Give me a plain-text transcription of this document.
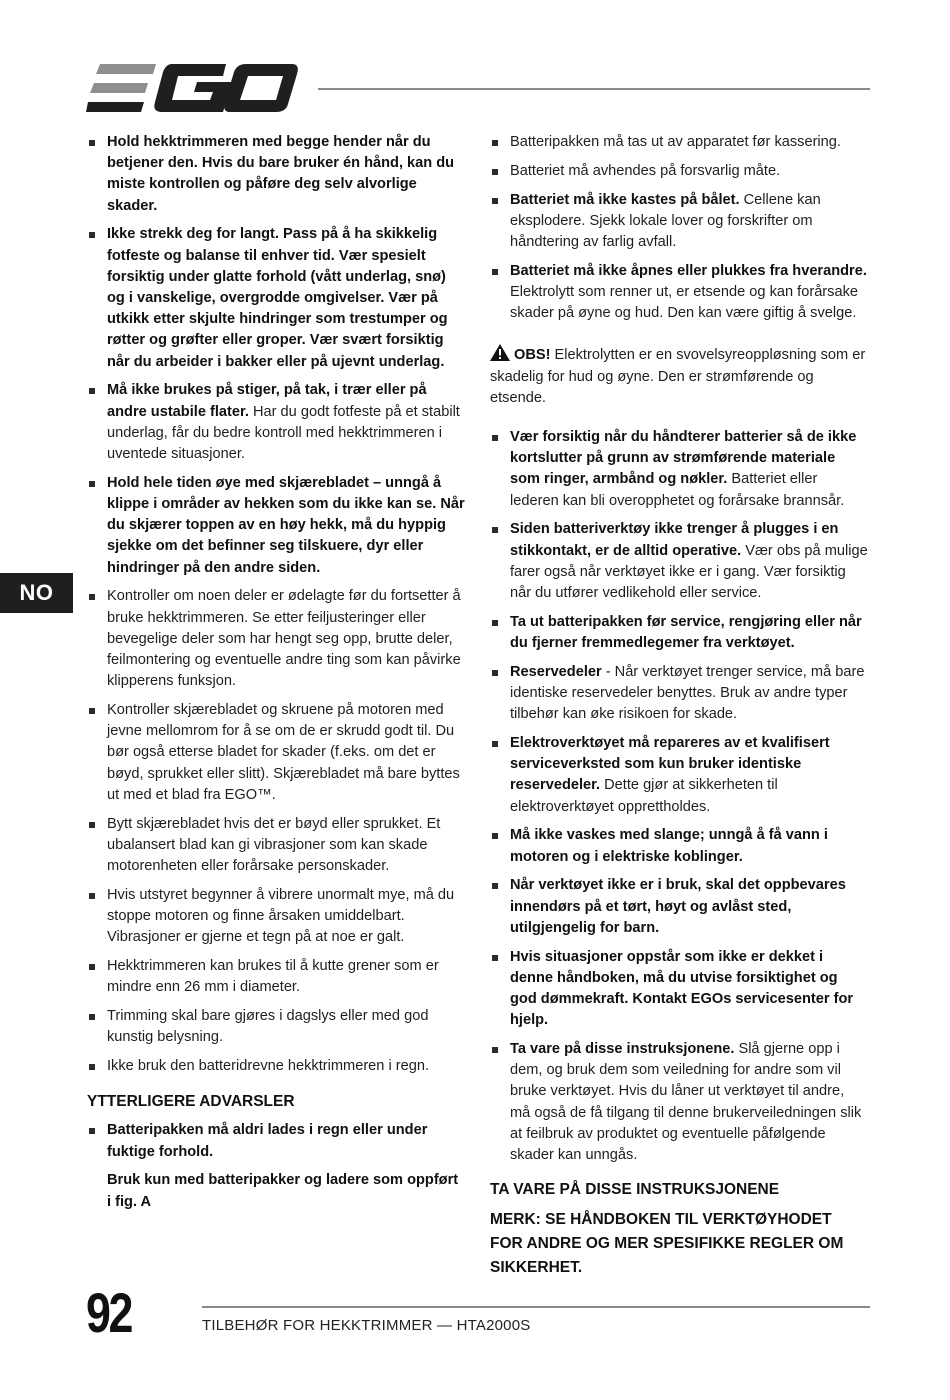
Hold hekktrimmeren med begge hender når du betjener den. Hvis du bare bruker én hånd, kan du miste kontrollen og påføre deg selv alvorlige skader.
Ikke strekk deg for langt. Pass på å ha skikkelig fotfeste og balanse til enhver tid. Vær spesielt forsiktig under glatte forhold (vått underlag, snø) og i vanskelige, overgrodde omgivelser. Vær på utkikk etter skjulte hindringer som trestumper og røtter og grøfter eller groper. Vær svært forsiktig når du arbeider i bakker eller på ujevnt underlag.
Må ikke brukes på stiger, på tak, i trær eller på andre ustabile flater. Har du godt fotfeste på et stabilt underlag, får du bedre kontroll med hekktrimmeren i uventede situasjoner.
Hold hele tiden øye med skjærebladet – unngå å klippe i områder av hekken som du ikke kan se. Når du skjærer toppen av en høy hekk, må du hyppig sjekke om det befinner seg tilskuere, dyr eller hindringer på den andre siden.
Kontroller om noen deler er ødelagte før du fortsetter å bruke hekktrimmeren. Se etter feiljusteringer eller bevegelige deler som har hengt seg opp, brutte deler, feilmontering og eventuelle andre ting som kan påvirke klipperens funksjon.
Kontroller skjærebladet og skruene på motoren med jevne mellomrom for å se om de er skrudd godt til. Du bør også etterse bladet for skader (f.eks. om det er bøyd, sprukket eller slitt). Skjærebladet må bare byttes ut med et blad fra EGO™.
Bytt skjærebladet hvis det er bøyd eller sprukket. Et ubalansert blad kan gi vibrasjoner som kan skade motorenheten eller forårsake personskader.
Hvis utstyret begynner å vibrere unormalt mye, må du stoppe motoren og finne årsaken umiddelbart. Vibrasjoner er gjerne et tegn på at noe er galt.
Hekktrimmeren kan brukes til å kutte grener som er mindre enn 26 mm i diameter.
Trimming skal bare gjøres i dagslys eller med god kunstig belysning.
Ikke bruk den batteridrevne hekktrimmeren i regn.
YTTERLIGERE ADVARSLER
Batteripakken må aldri lades i regn eller under fuktige forhold.
Bruk kun med batteripakker og ladere som oppført i fig. A
Batteripakken må tas ut av apparatet før kassering.
Batteriet må avhendes på forsvarlig måte.
Batteriet må ikke kastes på bålet. Cellene kan eksplodere. Sjekk lokale lover og forskrifter om håndtering av farlig avfall.
Batteriet må ikke åpnes eller plukkes fra hverandre. Elektrolytt som renner ut, er etsende og kan forårsake skader på øyne og hud. Den kan være giftig å svelge.
OBS! Elektrolytten er en svovelsyreoppløsning som er skadelig for hud og øyne. Den er strømførende og etsende.
Vær forsiktig når du håndterer batterier så de ikke kortslutter på grunn av strømførende materiale som ringer, armbånd og nøkler. Batteriet eller lederen kan bli overopphetet og forårsake brannsår.
Siden batteriverktøy ikke trenger å plugges i en stikkontakt, er de alltid operative. Vær obs på mulige farer også når verktøyet ikke er i gang. Vær forsiktig når du utfører vedlikehold eller service.
Ta ut batteripakken før service, rengjøring eller når du fjerner fremmedlegemer fra verktøyet.
Reservedeler - Når verktøyet trenger service, må bare identiske reservedeler benyttes. Bruk av andre typer tilbehør kan øke risikoen for skade.
Elektroverktøyet må repareres av et kvalifisert serviceverksted som kun bruker identiske reservedeler. Dette gjør at sikkerheten til elektroverktøyet opprettholdes.
Må ikke vaskes med slange; unngå å få vann i motoren og i elektriske koblinger.
Når verktøyet ikke er i bruk, skal det oppbevares innendørs på et tørt, høyt og avlåst sted, utilgjengelig for barn.
Hvis situasjoner oppstår som ikke er dekket i denne håndboken, må du utvise forsiktighet og god dømmekraft. Kontakt EGOs servicesenter for hjelp.
Ta vare på disse instruksjonene. Slå gjerne opp i dem, og bruk dem som veiledning for andre som vil bruke verktøyet. Hvis du låner ut verktøyet til andre, må også de få tilgang til denne brukerveiledningen slik at feilbruk av produktet og eventuelle påfølgende skader kan unngås.

TA VARE PÅ DISSE INSTRUKSJONENE

MERK: SE HÅNDBOKEN TIL VERKTØYHODET FOR ANDRE OG MER SPESIFIKKE REGLER OM SIKKERHET.

NO
92	TILBEHØR FOR HEKKTRIMMER — HTA2000S
